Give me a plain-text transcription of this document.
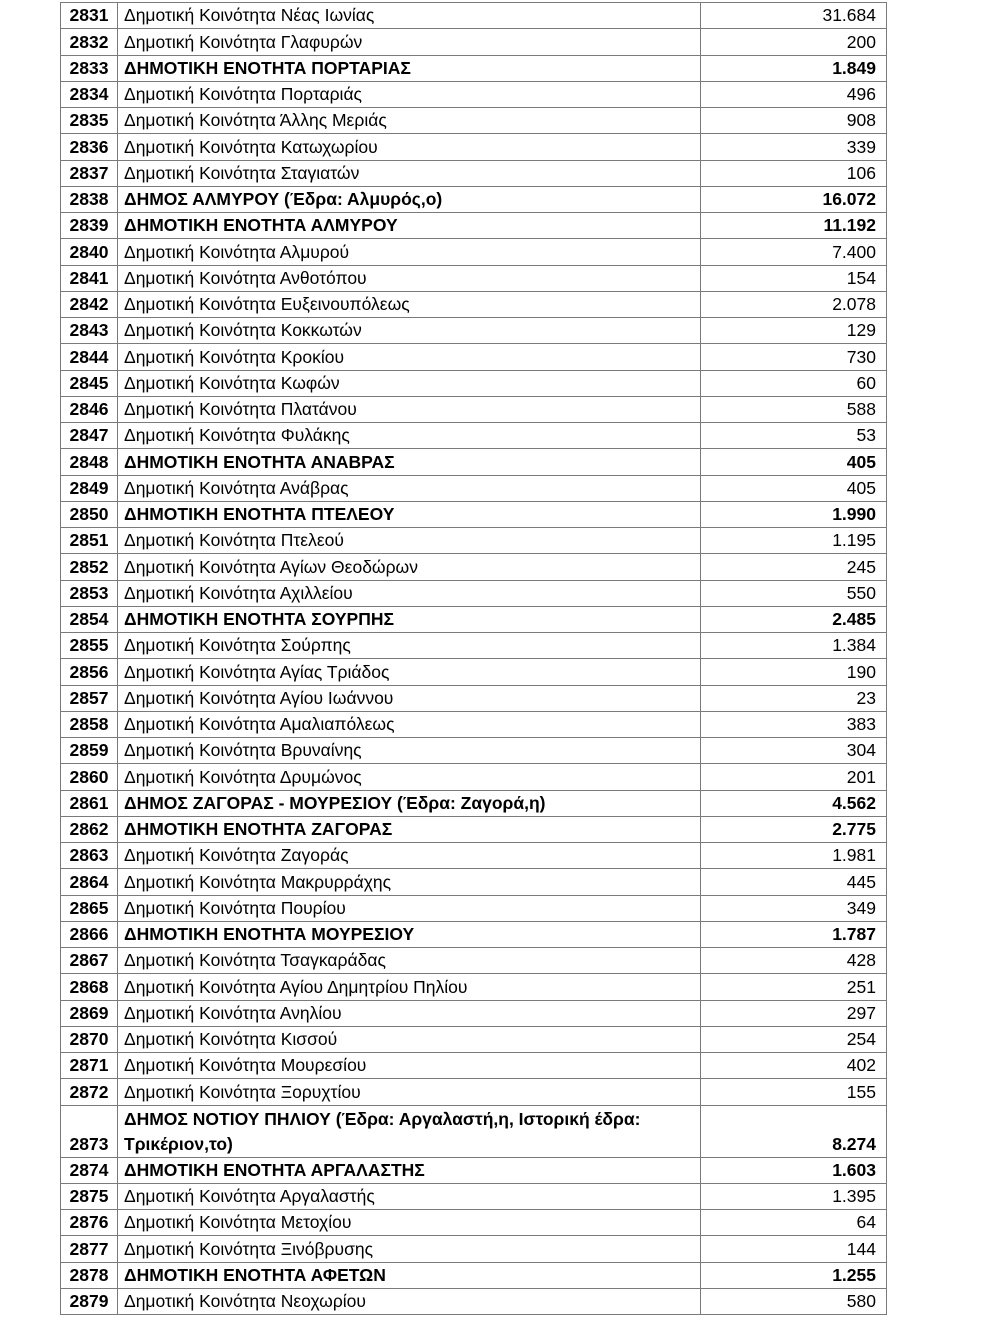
2831	Δημοτική Κοινότητα Νέας Ιωνίας	31.684
2832	Δημοτική Κοινότητα Γλαφυρών	200
2833	ΔΗΜΟΤΙΚΗ ΕΝΟΤΗΤΑ ΠΟΡΤΑΡΙΑΣ	1.849
2834	Δημοτική Κοινότητα Πορταριάς	496
2835	Δημοτική Κοινότητα Άλλης Μεριάς	908
2836	Δημοτική Κοινότητα Κατωχωρίου	339
2837	Δημοτική Κοινότητα Σταγιατών	106
2838	ΔΗΜΟΣ ΑΛΜΥΡΟΥ (Έδρα: Αλμυρός,ο)	16.072
2839	ΔΗΜΟΤΙΚΗ ΕΝΟΤΗΤΑ ΑΛΜΥΡΟΥ	11.192
2840	Δημοτική Κοινότητα Αλμυρού	7.400
2841	Δημοτική Κοινότητα Ανθοτόπου	154
2842	Δημοτική Κοινότητα Ευξεινουπόλεως	2.078
2843	Δημοτική Κοινότητα Κοκκωτών	129
2844	Δημοτική Κοινότητα Κροκίου	730
2845	Δημοτική Κοινότητα Κωφών	60
2846	Δημοτική Κοινότητα Πλατάνου	588
2847	Δημοτική Κοινότητα Φυλάκης	53
2848	ΔΗΜΟΤΙΚΗ ΕΝΟΤΗΤΑ ΑΝΑΒΡΑΣ	405
2849	Δημοτική Κοινότητα Ανάβρας	405
2850	ΔΗΜΟΤΙΚΗ ΕΝΟΤΗΤΑ ΠΤΕΛΕΟΥ	1.990
2851	Δημοτική Κοινότητα Πτελεού	1.195
2852	Δημοτική Κοινότητα Αγίων Θεοδώρων	245
2853	Δημοτική Κοινότητα Αχιλλείου	550
2854	ΔΗΜΟΤΙΚΗ ΕΝΟΤΗΤΑ ΣΟΥΡΠΗΣ	2.485
2855	Δημοτική Κοινότητα Σούρπης	1.384
2856	Δημοτική Κοινότητα Αγίας Τριάδος	190
2857	Δημοτική Κοινότητα Αγίου Ιωάννου	23
2858	Δημοτική Κοινότητα Αμαλιαπόλεως	383
2859	Δημοτική Κοινότητα Βρυναίνης	304
2860	Δημοτική Κοινότητα Δρυμώνος	201
2861	ΔΗΜΟΣ ΖΑΓΟΡΑΣ - ΜΟΥΡΕΣΙΟΥ (Έδρα: Ζαγορά,η)	4.562
2862	ΔΗΜΟΤΙΚΗ ΕΝΟΤΗΤΑ ΖΑΓΟΡΑΣ	2.775
2863	Δημοτική Κοινότητα Ζαγοράς	1.981
2864	Δημοτική Κοινότητα Μακρυρράχης	445
2865	Δημοτική Κοινότητα Πουρίου	349
2866	ΔΗΜΟΤΙΚΗ ΕΝΟΤΗΤΑ ΜΟΥΡΕΣΙΟΥ	1.787
2867	Δημοτική Κοινότητα Τσαγκαράδας	428
2868	Δημοτική Κοινότητα Αγίου Δημητρίου Πηλίου	251
2869	Δημοτική Κοινότητα Ανηλίου	297
2870	Δημοτική Κοινότητα Κισσού	254
2871	Δημοτική Κοινότητα Μουρεσίου	402
2872	Δημοτική Κοινότητα Ξορυχτίου	155
2873	ΔΗΜΟΣ ΝΟΤΙΟΥ ΠΗΛΙΟΥ (Έδρα: Αργαλαστή,η, Ιστορική έδρα: Τρικέριον,το)	8.274
2874	ΔΗΜΟΤΙΚΗ ΕΝΟΤΗΤΑ ΑΡΓΑΛΑΣΤΗΣ	1.603
2875	Δημοτική Κοινότητα Αργαλαστής	1.395
2876	Δημοτική Κοινότητα Μετοχίου	64
2877	Δημοτική Κοινότητα Ξινόβρυσης	144
2878	ΔΗΜΟΤΙΚΗ ΕΝΟΤΗΤΑ ΑΦΕΤΩΝ	1.255
2879	Δημοτική Κοινότητα Νεοχωρίου	580
